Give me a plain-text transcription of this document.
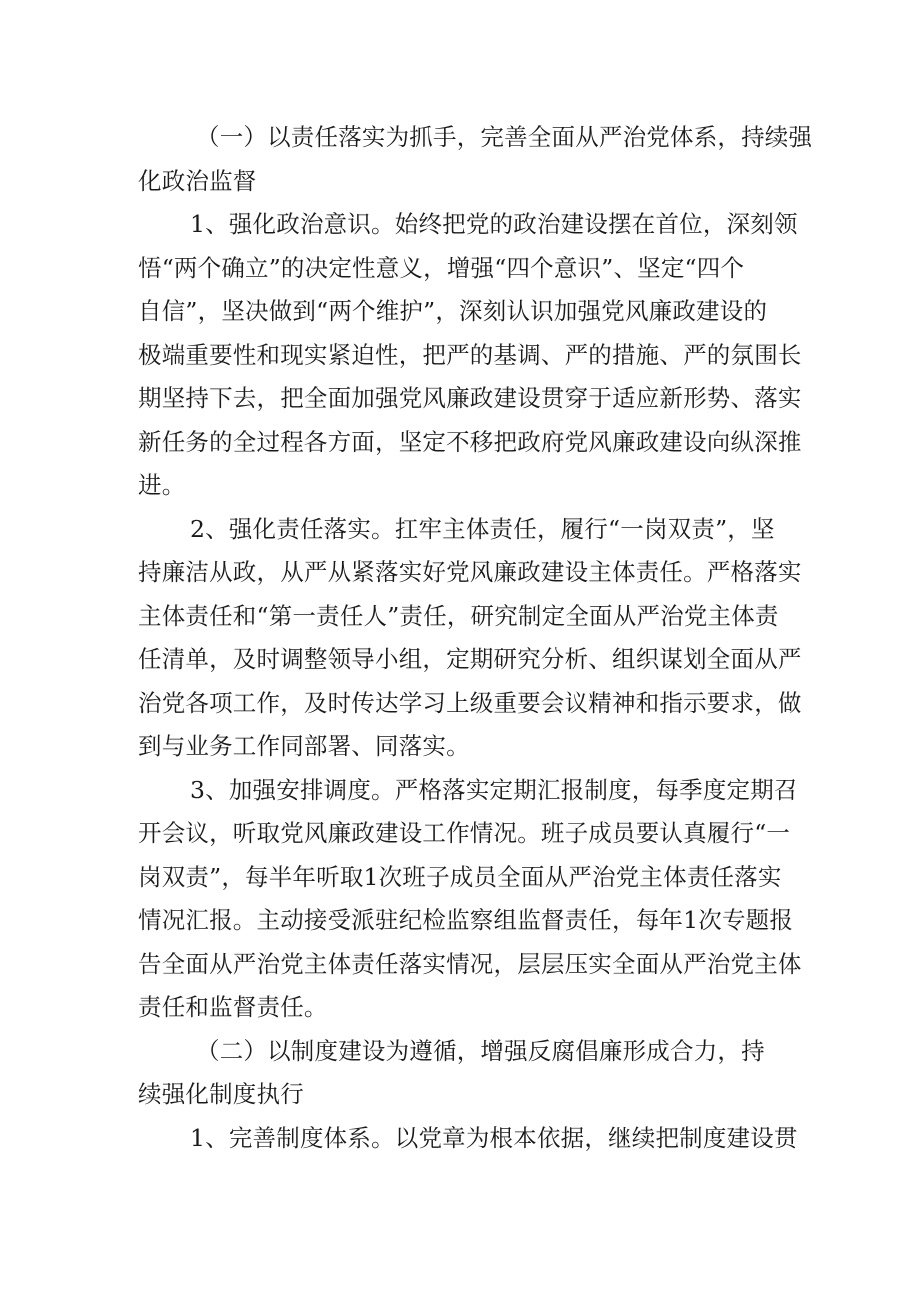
（一）以责任落实为抓手，完善全面从严治党体系，持续强
化政治监督
1、强化政治意识。始终把党的政治建设摆在首位，深刻领
悟“两个确立”的决定性意义，增强“四个意识”、坚定“四个
自信”，坚决做到“两个维护”，深刻认识加强党风廉政建设的
极端重要性和现实紧迫性，把严的基调、严的措施、严的氛围长
期坚持下去，把全面加强党风廉政建设贯穿于适应新形势、落实
新任务的全过程各方面，坚定不移把政府党风廉政建设向纵深推
进。
2、强化责任落实。扛牢主体责任，履行“一岗双责”，坚
持廉洁从政，从严从紧落实好党风廉政建设主体责任。严格落实
主体责任和“第一责任人”责任，研究制定全面从严治党主体责
任清单，及时调整领导小组，定期研究分析、组织谋划全面从严
治党各项工作，及时传达学习上级重要会议精神和指示要求，做
到与业务工作同部署、同落实。
3、加强安排调度。严格落实定期汇报制度，每季度定期召
开会议，听取党风廉政建设工作情况。班子成员要认真履行“一
岗双责”，每半年听取1次班子成员全面从严治党主体责任落实
情况汇报。主动接受派驻纪检监察组监督责任，每年1次专题报
告全面从严治党主体责任落实情况，层层压实全面从严治党主体
责任和监督责任。
（二）以制度建设为遵循，增强反腐倡廉形成合力，持
续强化制度执行
1、完善制度体系。以党章为根本依据，继续把制度建设贯
